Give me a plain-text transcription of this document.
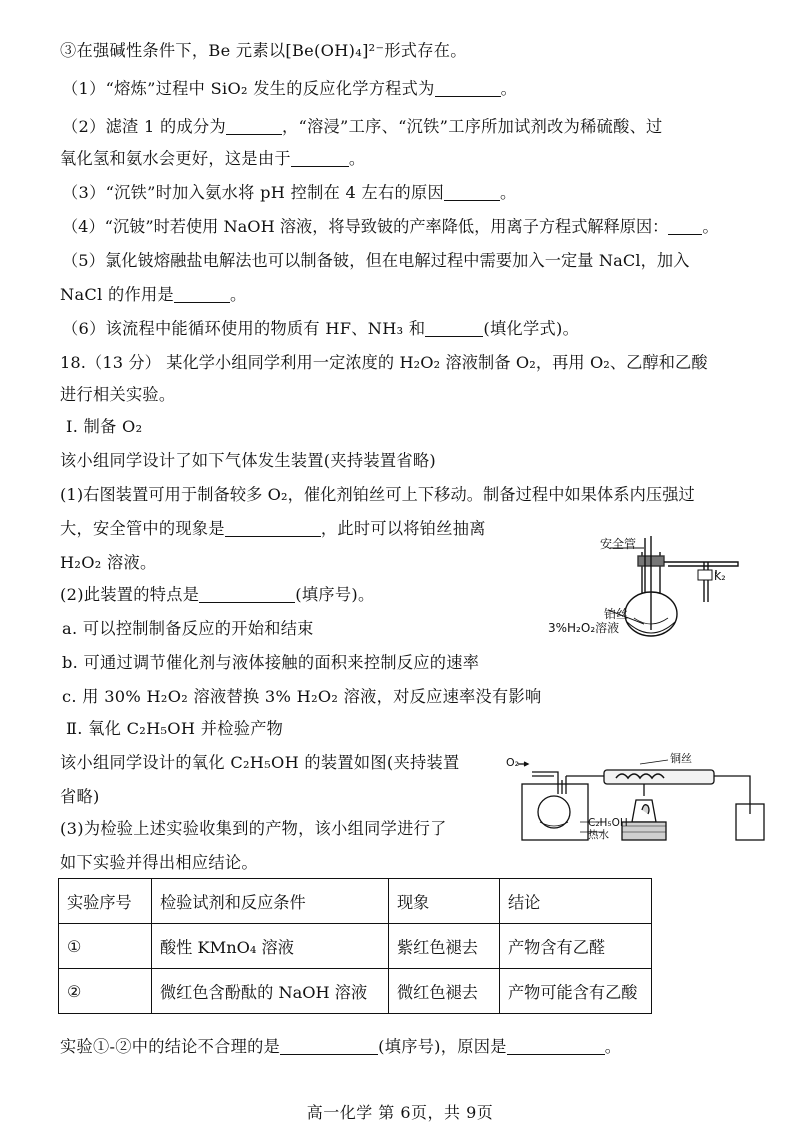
③在强碱性条件下，Be 元素以[Be(OH)₄]²⁻形式存在。
（1）“熔炼”过程中 SiO₂ 发生的反应化学方程式为	。
（2）滤渣 1 的成分为	，“溶浸”工序、“沉铁”工序所加试剂改为稀硫酸、过
氧化氢和氨水会更好，这是由于	。
（3）“沉铁”时加入氨水将 pH 控制在 4 左右的原因	。
（4）“沉铍”时若使用 NaOH 溶液，将导致铍的产率降低，用离子方程式解释原因： 。
（5）氯化铍熔融盐电解法也可以制备铍，但在电解过程中需要加入一定量 NaCl，加入
NaCl 的作用是	。
（6）该流程中能循环使用的物质有 HF、NH₃ 和	(填化学式)。
18.（13 分） 某化学小组同学利用一定浓度的 H₂O₂ 溶液制备 O₂，再用 O₂、乙醇和乙酸
进行相关实验。
Ⅰ. 制备 O₂
该小组同学设计了如下气体发生装置(夹持装置省略)
(1)右图装置可用于制备较多 O₂，催化剂铂丝可上下移动。制备过程中如果体系内压强过
大，安全管中的现象是	，此时可以将铂丝抽离
H₂O₂ 溶液。
(2)此装置的特点是	(填序号)。
a. 可以控制制备反应的开始和结束
b. 可通过调节催化剂与液体接触的面积来控制反应的速率
c. 用 30% H₂O₂ 溶液替换 3% H₂O₂ 溶液，对反应速率没有影响
Ⅱ. 氧化 C₂H₅OH 并检验产物
该小组同学设计的氧化 C₂H₅OH 的装置如图(夹持装置
省略)
(3)为检验上述实验收集到的产物，该小组同学进行了
如下实验并得出相应结论。
安全管
K₂
铂丝
3%H₂O₂溶液
O₂	铜丝
C₂H₅OH
热水
实验序号	检验试剂和反应条件	现象	结论
①	酸性 KMnO₄ 溶液	紫红色褪去	产物含有乙醛
②	微红色含酚酞的 NaOH 溶液	微红色褪去	产物可能含有乙酸
实验①-②中的结论不合理的是	(填序号)，原因是	。
高一化学 第 6页，共 9页
